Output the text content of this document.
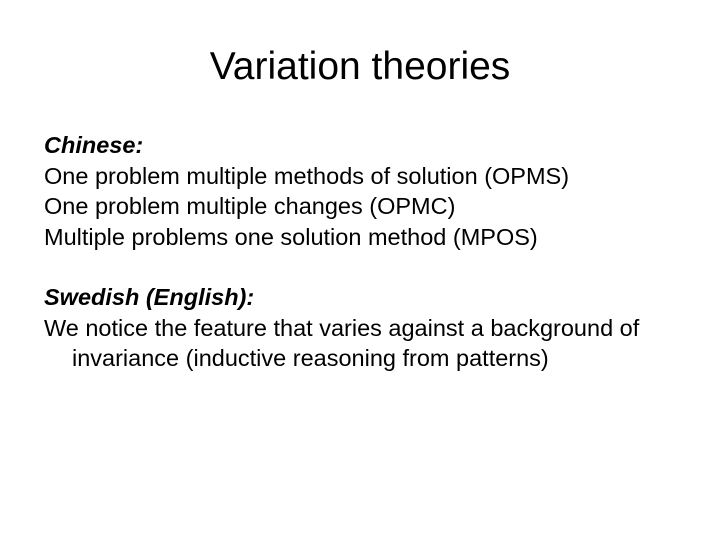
Variation theories
Chinese:
One problem multiple methods of solution (OPMS)
One problem multiple changes (OPMC)
Multiple problems one solution method (MPOS)
Swedish (English):
We notice the feature that varies against a background of invariance (inductive reasoning from patterns)
